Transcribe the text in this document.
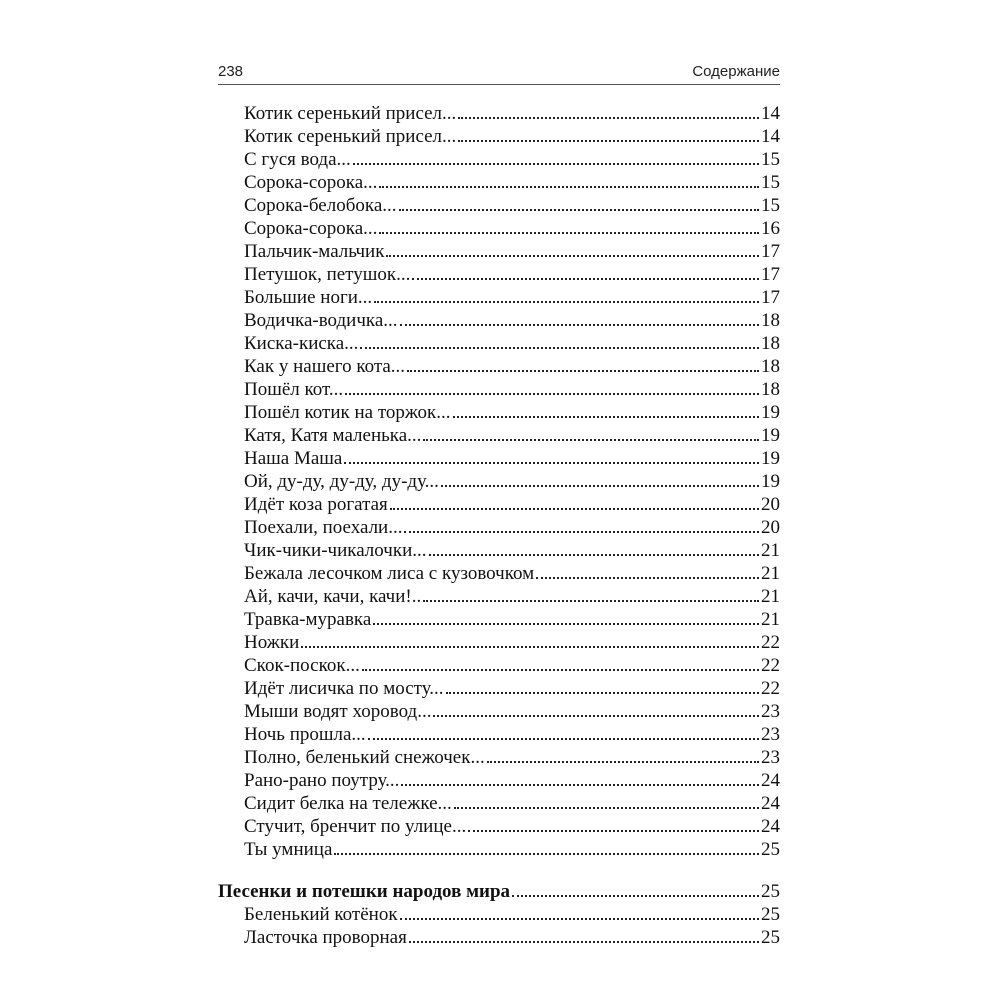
238	Содержание
Котик серенький присел...	14
Котик серенький присел...	14
С гуся вода...	15
Сорока-сорока...	15
Сорока-белобока...	15
Сорока-сорока...	16
Пальчик-мальчик	17
Петушок, петушок...	17
Большие ноги...	17
Водичка-водичка...	18
Киска-киска...	18
Как у нашего кота...	18
Пошёл кот...	18
Пошёл котик на торжок...	19
Катя, Катя маленька...	19
Наша Маша	19
Ой, ду-ду, ду-ду, ду-ду...	19
Идёт коза рогатая	20
Поехали, поехали...	20
Чик-чики-чикалочки...	21
Бежала лесочком лиса с кузовочком	21
Ай, качи, качи, качи!..	21
Травка-муравка	21
Ножки	22
Скок-поскок...	22
Идёт лисичка по мосту...	22
Мыши водят хоровод...	23
Ночь прошла...	23
Полно, беленький снежочек...	23
Рано-рано поутру...	24
Сидит белка на тележке...	24
Стучит, бренчит по улице...	24
Ты умница	25
Песенки и потешки народов мира	25
Беленький котёнок	25
Ласточка проворная	25
